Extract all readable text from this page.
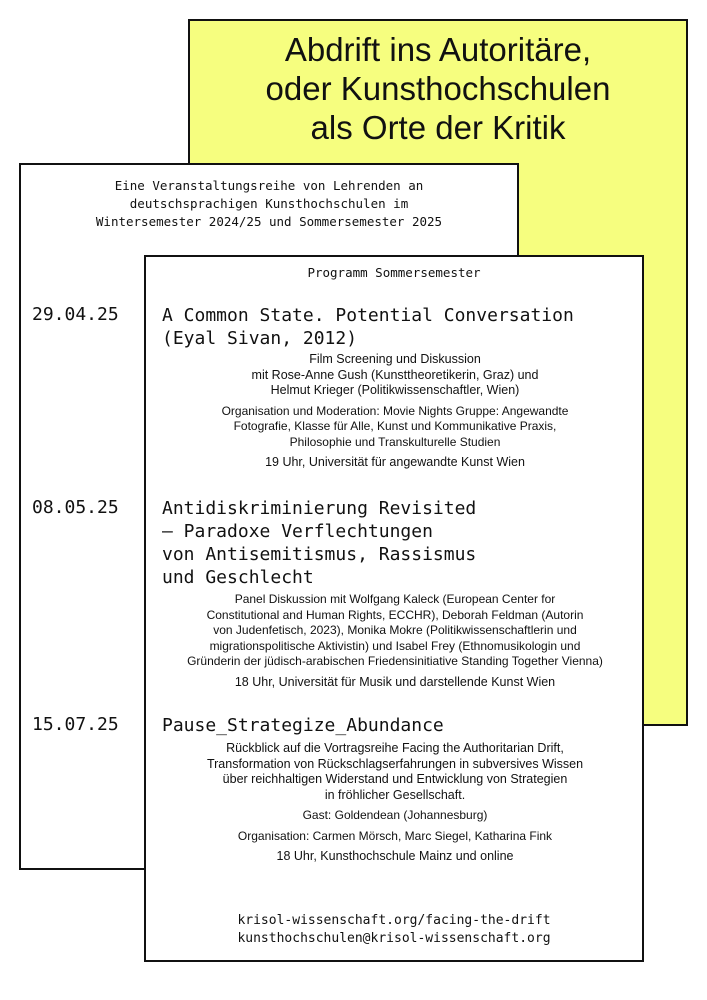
Abdrift ins Autoritäre,
oder Kunsthochschulen
als Orte der Kritik
Eine Veranstaltungsreihe von Lehrenden an
deutschsprachigen Kunsthochschulen im
Wintersemester 2024/25 und Sommersemester 2025
Programm Sommersemester
29.04.25 A Common State. Potential Conversation
(Eyal Sivan, 2012)
Film Screening und Diskussion
mit Rose-Anne Gush (Kunsttheoretikerin, Graz) und
Helmut Krieger (Politikwissenschaftler, Wien)
Organisation und Moderation: Movie Nights Gruppe: Angewandte
Fotografie, Klasse für Alle, Kunst und Kommunikative Praxis,
Philosophie und Transkulturelle Studien
19 Uhr, Universität für angewandte Kunst Wien
08.05.25 Antidiskriminierung Revisited
– Paradoxe Verflechtungen
von Antisemitismus, Rassismus
und Geschlecht
Panel Diskussion mit Wolfgang Kaleck (European Center for
Constitutional and Human Rights, ECCHR), Deborah Feldman (Autorin
von Judenfetisch, 2023), Monika Mokre (Politikwissenschaftlerin und
migrationspolitische Aktivistin) und Isabel Frey (Ethnomusikologin und
Gründerin der jüdisch-arabischen Friedensinitiative Standing Together Vienna)
18 Uhr, Universität für Musik und darstellende Kunst Wien
15.07.25 Pause_Strategize_Abundance
Rückblick auf die Vortragsreihe Facing the Authoritarian Drift,
Transformation von Rückschlagserfahrungen in subversives Wissen
über reichhaltigen Widerstand und Entwicklung von Strategien
in fröhlicher Gesellschaft.
Gast: Goldendean (Johannesburg)
Organisation: Carmen Mörsch, Marc Siegel, Katharina Fink
18 Uhr, Kunsthochschule Mainz und online
krisol-wissenschaft.org/facing-the-drift
kunsthochschulen@krisol-wissenschaft.org
